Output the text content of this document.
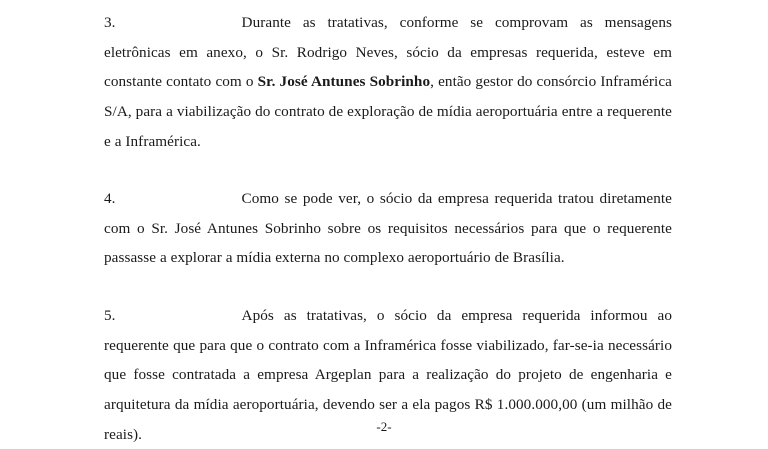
3.	Durante as tratativas, conforme se comprovam as mensagens eletrônicas em anexo, o Sr. Rodrigo Neves, sócio da empresas requerida, esteve em constante contato com o Sr. José Antunes Sobrinho, então gestor do consórcio Inframérica S/A, para a viabilização do contrato de exploração de mídia aeroportuária entre a requerente e a Inframérica.

4.	Como se pode ver, o sócio da empresa requerida tratou diretamente com o Sr. José Antunes Sobrinho sobre os requisitos necessários para que o requerente passasse a explorar a mídia externa no complexo aeroportuário de Brasília.

5.	Após as tratativas, o sócio da empresa requerida informou ao requerente que para que o contrato com a Inframérica fosse viabilizado, far-se-ia necessário que fosse contratada a empresa Argeplan para a realização do projeto de engenharia e arquitetura da mídia aeroportuária, devendo ser a ela pagos R$ 1.000.000,00 (um milhão de reais).	-2-
